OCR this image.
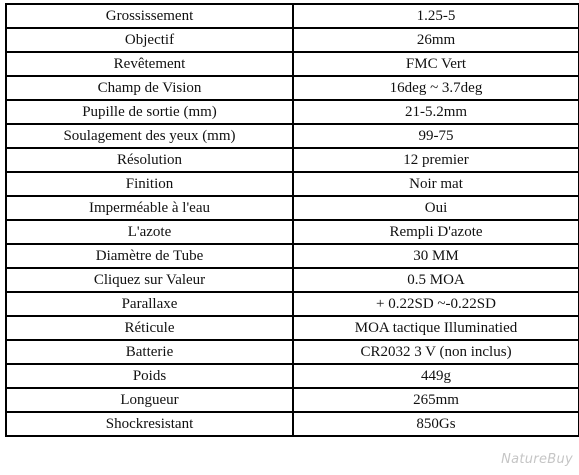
Grossissement	1.25-5
Objectif	26mm
Revêtement	FMC Vert
Champ de Vision	16deg ~ 3.7deg
Pupille de sortie (mm)	21-5.2mm
Soulagement des yeux (mm)	99-75
Résolution	12 premier
Finition	Noir mat
Imperméable à l'eau	Oui
L'azote	Rempli D'azote
Diamètre de Tube	30 MM
Cliquez sur Valeur	0.5 MOA
Parallaxe	+ 0.22SD ~-0.22SD
Réticule	MOA tactique Illuminatied
Batterie	CR2032 3 V (non inclus)
Poids	449g
Longueur	265mm
Shockresistant	850Gs
NatureBuy
